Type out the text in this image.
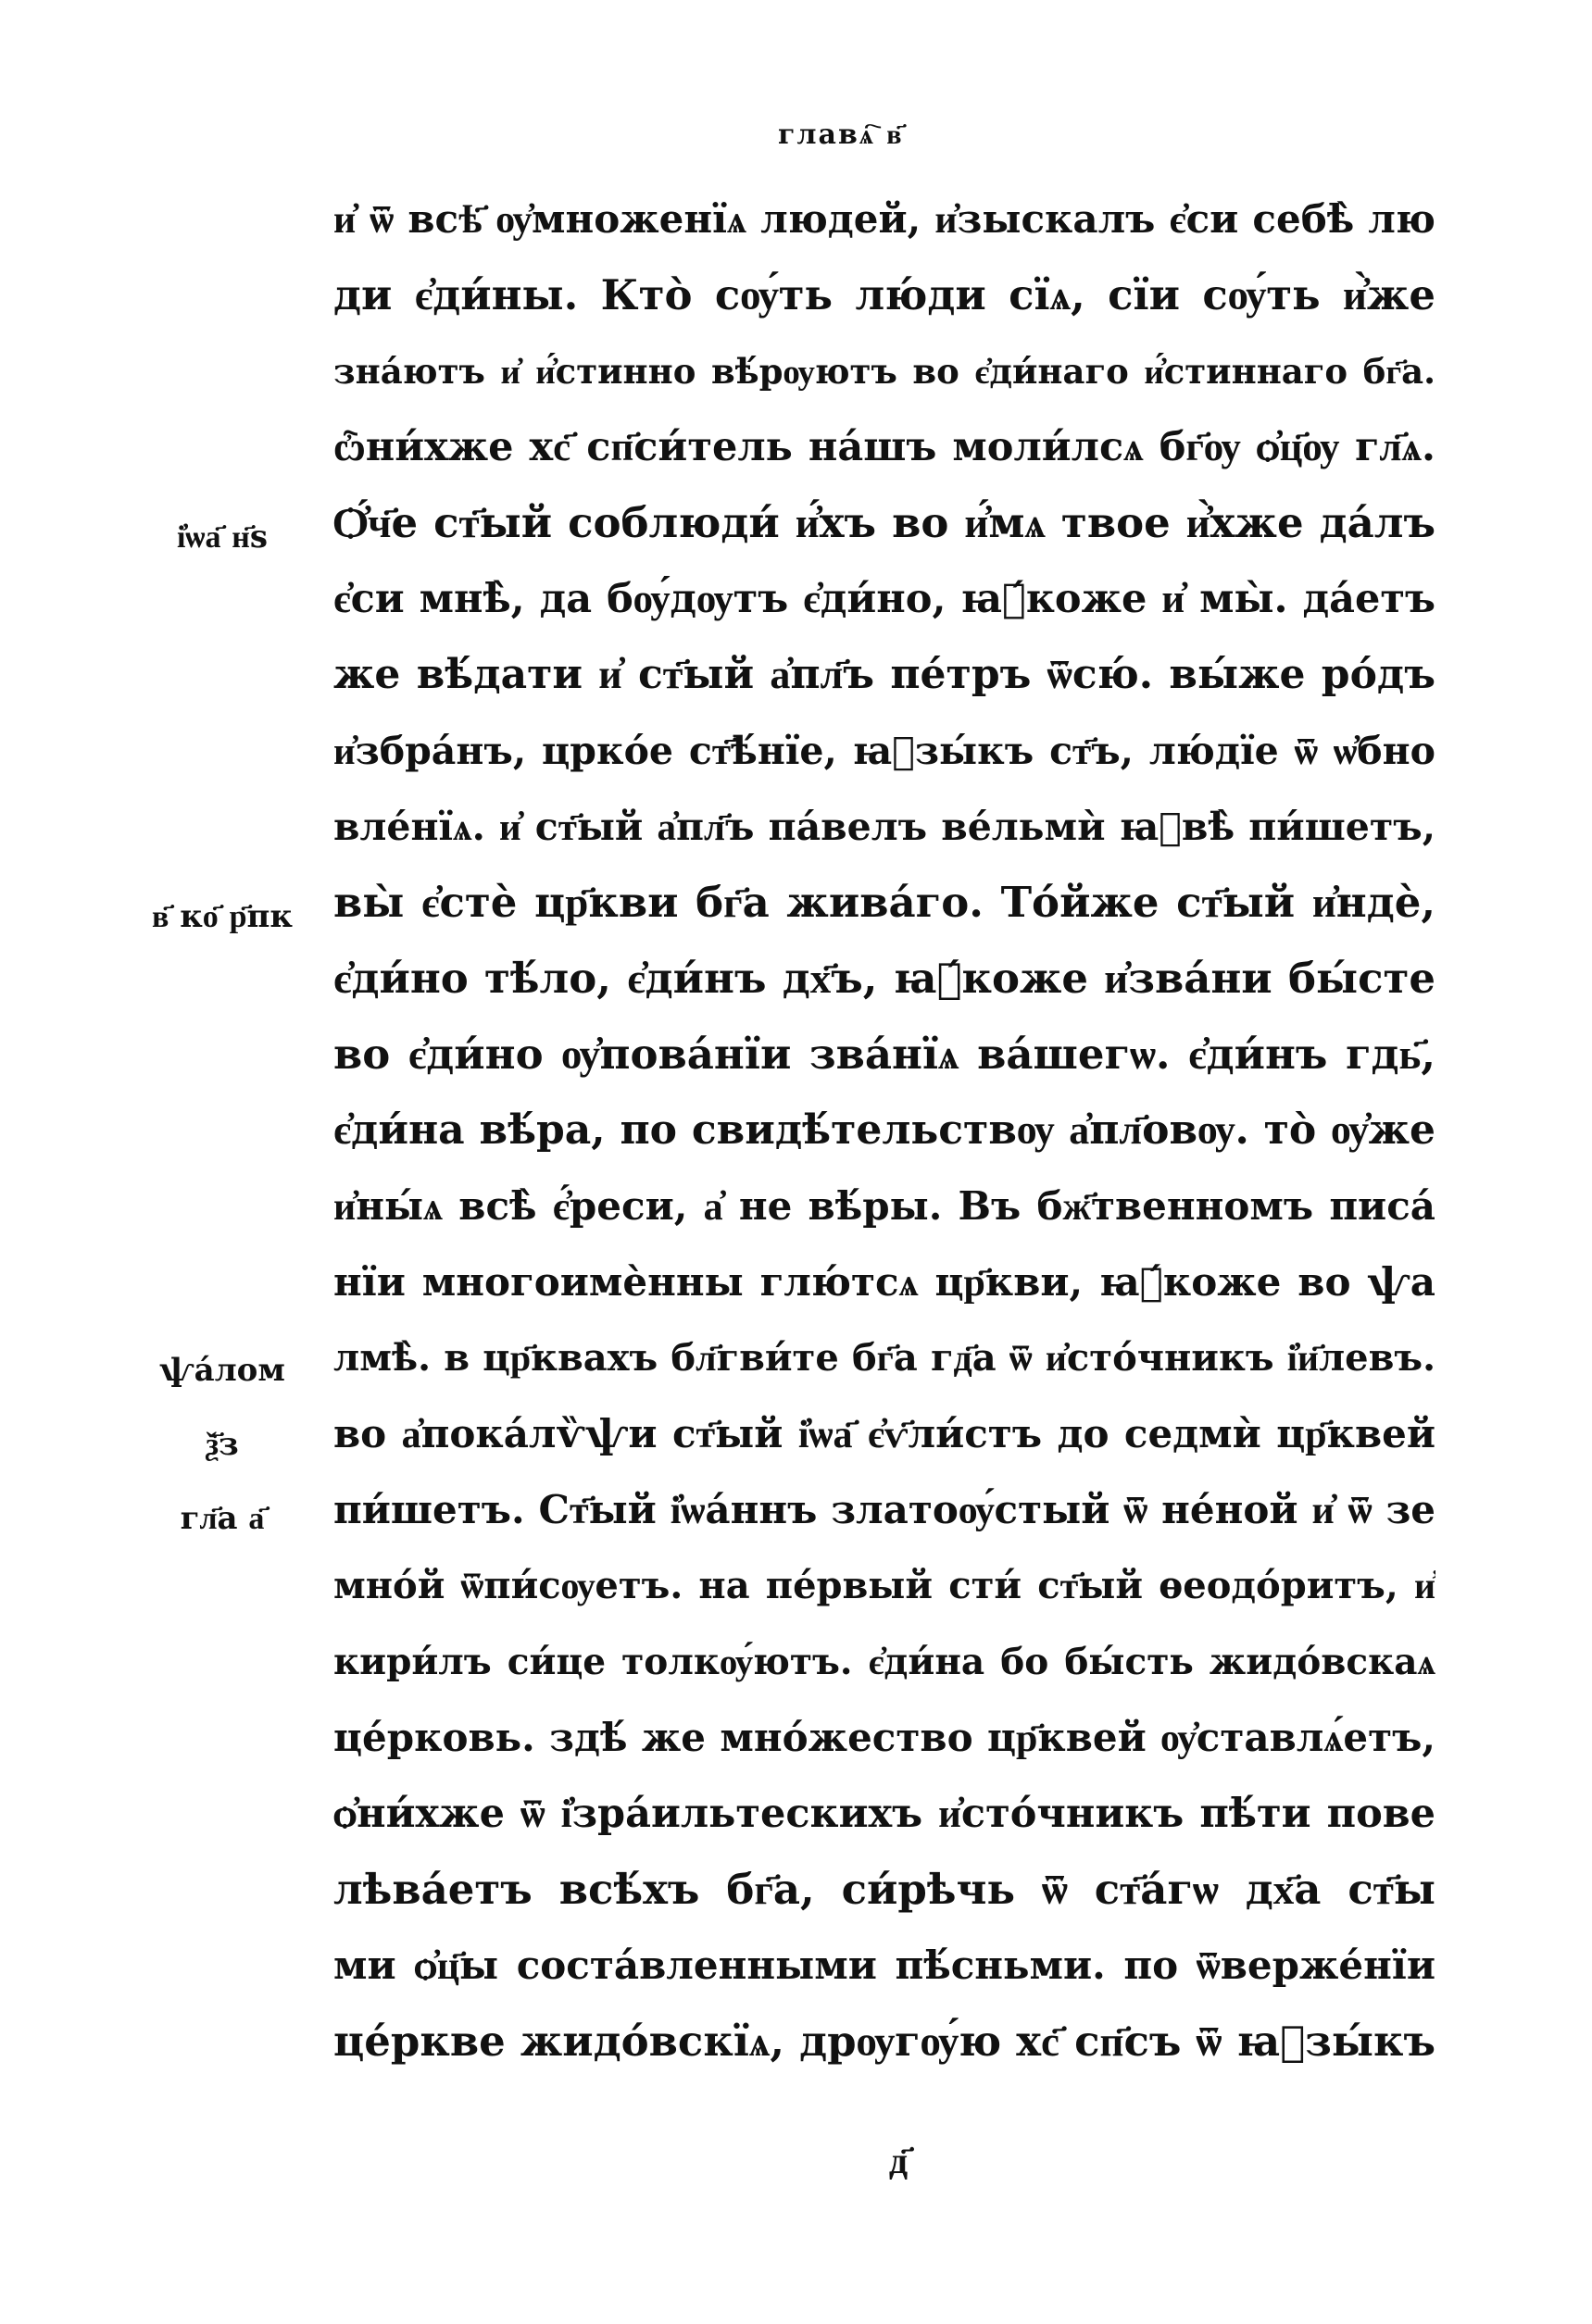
главѧ҇ в҃
и҆ ѿ всѣ҃ ѹ҆множенїѧ людей, и҆зыскалъ є҆си себѣ̀ лю
ди є҆ди́ны. Кто̀ сѹ́ть лю́ди сїѧ, сїи сѹ́ть и҆̀же
зна́ютъ и҆ и҆́стинно вѣ́рѹютъ во є҆ди́наго и҆́стиннаго бг҃а.
ѽни́хже хс҃ сп҃си́тель на́шъ моли́лсѧ бг҃ѹ ѻ҆ц҃ѹ гл҃ѧ.
Ѻ҆́ч҃е ст҃ый соблюди́ и҆́хъ во и҆́мѧ твое и҆̀хже да́лъ
є҆си мнѣ̀, да бѹ́дѹтъ є҆ди́но, ꙗ҆́коже и҆ мы̀. да́етъ
же вѣ́дати и҆ ст҃ый а҆пл҃ъ пе́тръ ѿсю́. вы́же ро́дъ
и҆збра́нъ, црко́е ст҃ѣ́нїе, ꙗ҆зы́къ ст҃ъ, лю́дїе ѿ ѡ҆бно
вле́нїѧ. и҆ ст҃ый а҆пл҃ъ па́велъ ве́льмѝ ꙗ҆вѣ̀ пи́шетъ,
вы̀ є҆стѐ цр҃кви бг҃а жива́го. То́йже ст҃ый и҆ндѐ,
є҆ди́но тѣ́ло, є҆ди́нъ дх҃ъ, ꙗ҆́коже и҆зва́ни бы́сте
во є҆ди́но ѹ҆пова́нїи зва́нїѧ ва́шегѡ. є҆ди́нъ гдь҃,
є҆ди́на вѣ́ра, по свидѣ́тельствѹ а҆пл҃овѹ. то̀ ѹ҆же
и҆ны́ѧ всѣ̀ є҆́реси, а҆ не вѣ́ры. Въ бж҃твенномъ писа́
нїи многоимѐнны глю́тсѧ цр҃кви, ꙗ҆́коже во ѱа
лмѣ̀. в цр҃квахъ бл҃гви́те бг҃а гд҃а ѿ и҆сто́чникъ і҆и҃левъ.
во а҆пока́лѷѱи ст҃ый і҆ѡа҃ є҆ѵ҃ли́стъ до седмѝ цр҃квей
пи́шетъ. Ст҃ый і҆ѡа́ннъ златоѹ́стый ѿ не́ной и҆ ѿ зе
мно́й ѿпи́сѹетъ. на пе́рвый сти́ ст҃ый ѳеодо́ритъ, и҆
кири́лъ си́це толкѹ́ютъ. є҆ди́на бо бы́сть жидо́вскаѧ
це́рковь. здѣ́ же мно́жество цр҃квей ѹ҆ставлѧ́етъ,
ѻ҆ни́хже ѿ і҆зра́ильтескихъ и҆сто́чникъ пѣ́ти пове
лѣва́етъ всѣ́хъ бг҃а, си́рѣчь ѿ ст҃а́гѡ дх҃а ст҃ы
ми ѻ҆ц҃ы соста́вленными пѣ́сньми. по ѿверже́нїи
це́ркве жидо́вскїѧ, дрѹгѹ́ю хс҃ сп҃съ ѿ ꙗ҆зы́къ
і҆ѡа҃ н҃ѕ
в҃ ко҃ р҃пк
ѱа́лом
ѯ҃з
гл҃а а҃
д҃
